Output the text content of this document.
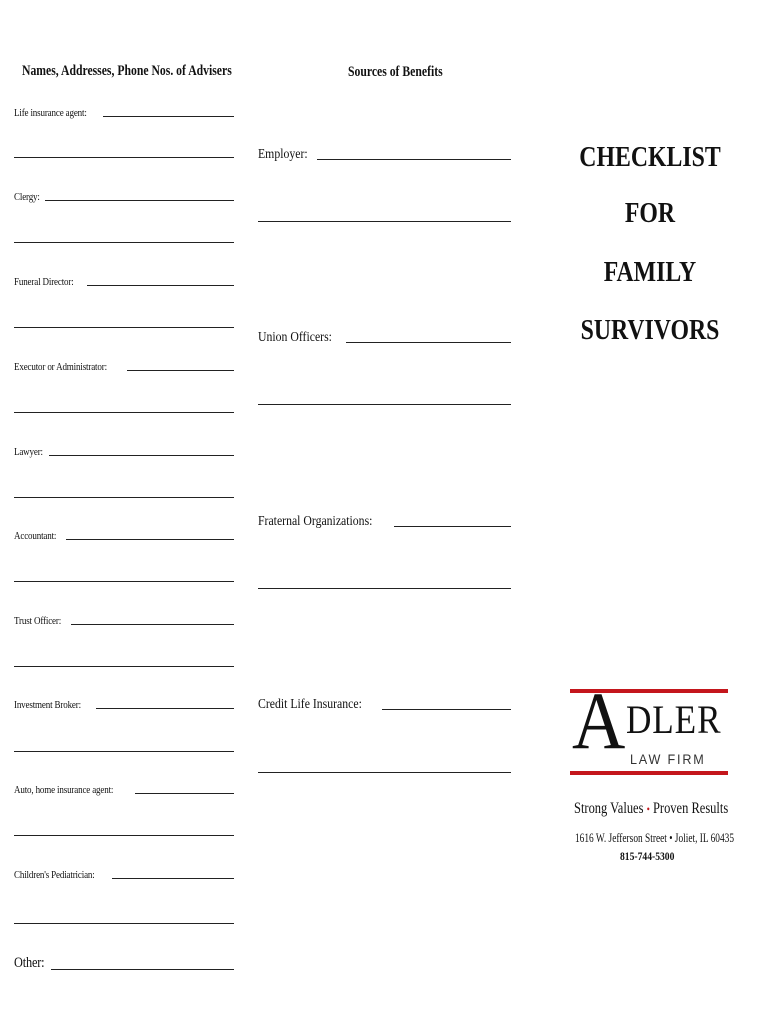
Names, Addresses, Phone Nos. of Advisers
Life insurance agent:
Clergy:
Funeral Director:
Executor or Administrator:
Lawyer:
Accountant:
Trust Officer:
Investment Broker:
Auto, home insurance agent:
Children's Pediatrician:
Other:
Sources of Benefits
Employer:
Union Officers:
Fraternal Organizations:
Credit Life Insurance:
CHECKLIST
FOR
FAMILY
SURVIVORS
A DLER
LAW FIRM
Strong Values • Proven Results
1616 W. Jefferson Street • Joliet, IL 60435
815-744-5300
